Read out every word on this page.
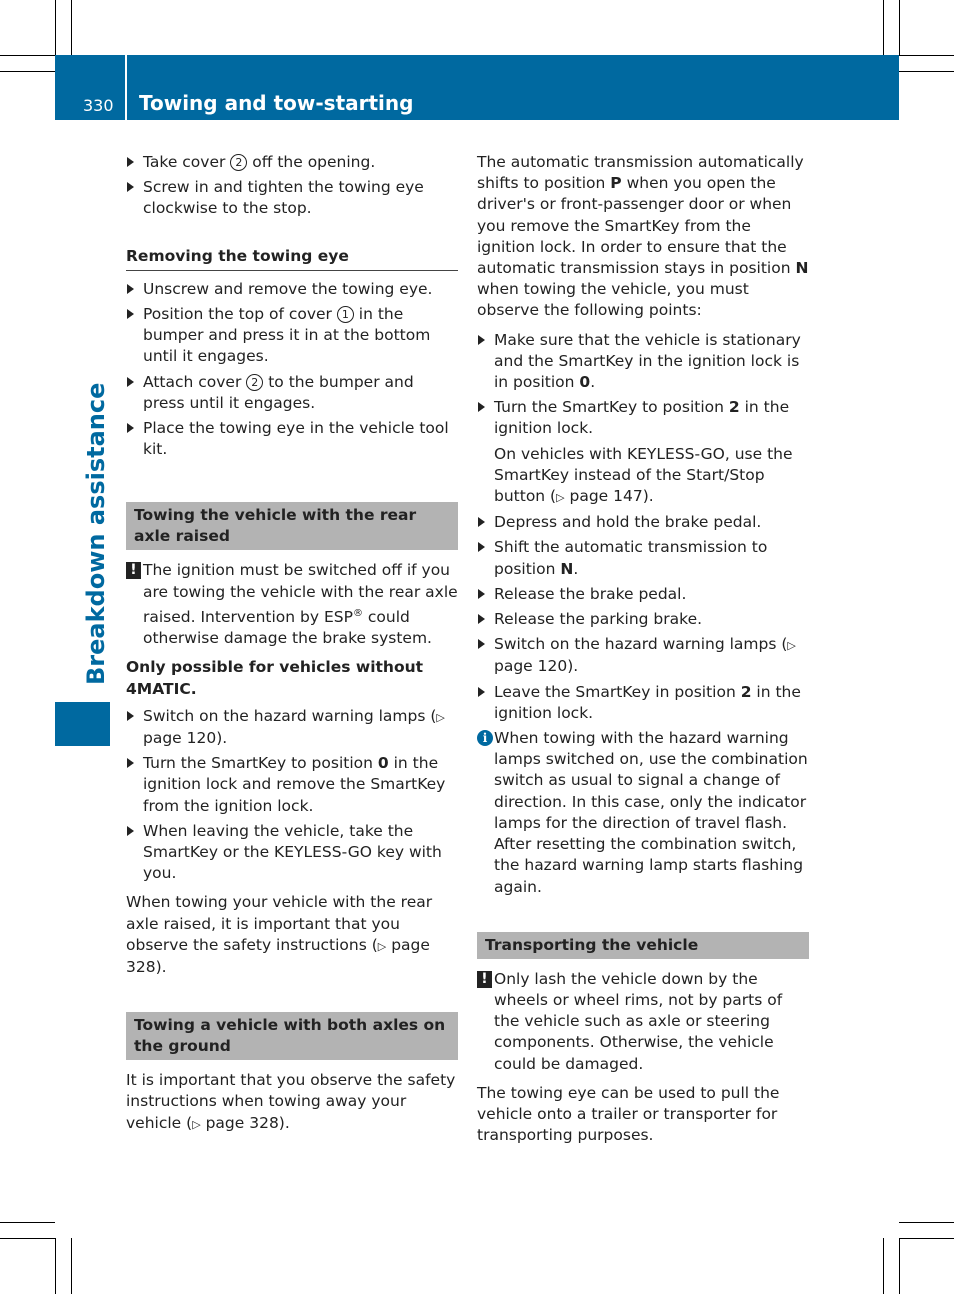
330 Towing and tow-starting
Breakdown assistance
Take cover 2 off the opening.
Screw in and tighten the towing eye clockwise to the stop.
Removing the towing eye
Unscrew and remove the towing eye.
Position the top of cover 1 in the bumper and press it in at the bottom until it engages.
Attach cover 2 to the bumper and press until it engages.
Place the towing eye in the vehicle tool kit.
Towing the vehicle with the rear axle raised
! The ignition must be switched off if you are towing the vehicle with the rear axle raised. Intervention by ESP® could otherwise damage the brake system.
Only possible for vehicles without 4MATIC.
Switch on the hazard warning lamps (▷ page 120).
Turn the SmartKey to position 0 in the ignition lock and remove the SmartKey from the ignition lock.
When leaving the vehicle, take the SmartKey or the KEYLESS-GO key with you.
When towing your vehicle with the rear axle raised, it is important that you observe the safety instructions (▷ page 328).
Towing a vehicle with both axles on the ground
It is important that you observe the safety instructions when towing away your vehicle (▷ page 328).
The automatic transmission automatically shifts to position P when you open the driver's or front-passenger door or when you remove the SmartKey from the ignition lock. In order to ensure that the automatic transmission stays in position N when towing the vehicle, you must observe the following points:
Make sure that the vehicle is stationary and the SmartKey in the ignition lock is in position 0.
Turn the SmartKey to position 2 in the ignition lock.
On vehicles with KEYLESS-GO, use the SmartKey instead of the Start/Stop button (▷ page 147).
Depress and hold the brake pedal.
Shift the automatic transmission to position N.
Release the brake pedal.
Release the parking brake.
Switch on the hazard warning lamps (▷ page 120).
Leave the SmartKey in position 2 in the ignition lock.
i When towing with the hazard warning lamps switched on, use the combination switch as usual to signal a change of direction. In this case, only the indicator lamps for the direction of travel flash. After resetting the combination switch, the hazard warning lamp starts flashing again.
Transporting the vehicle
! Only lash the vehicle down by the wheels or wheel rims, not by parts of the vehicle such as axle or steering components. Otherwise, the vehicle could be damaged.
The towing eye can be used to pull the vehicle onto a trailer or transporter for transporting purposes.
